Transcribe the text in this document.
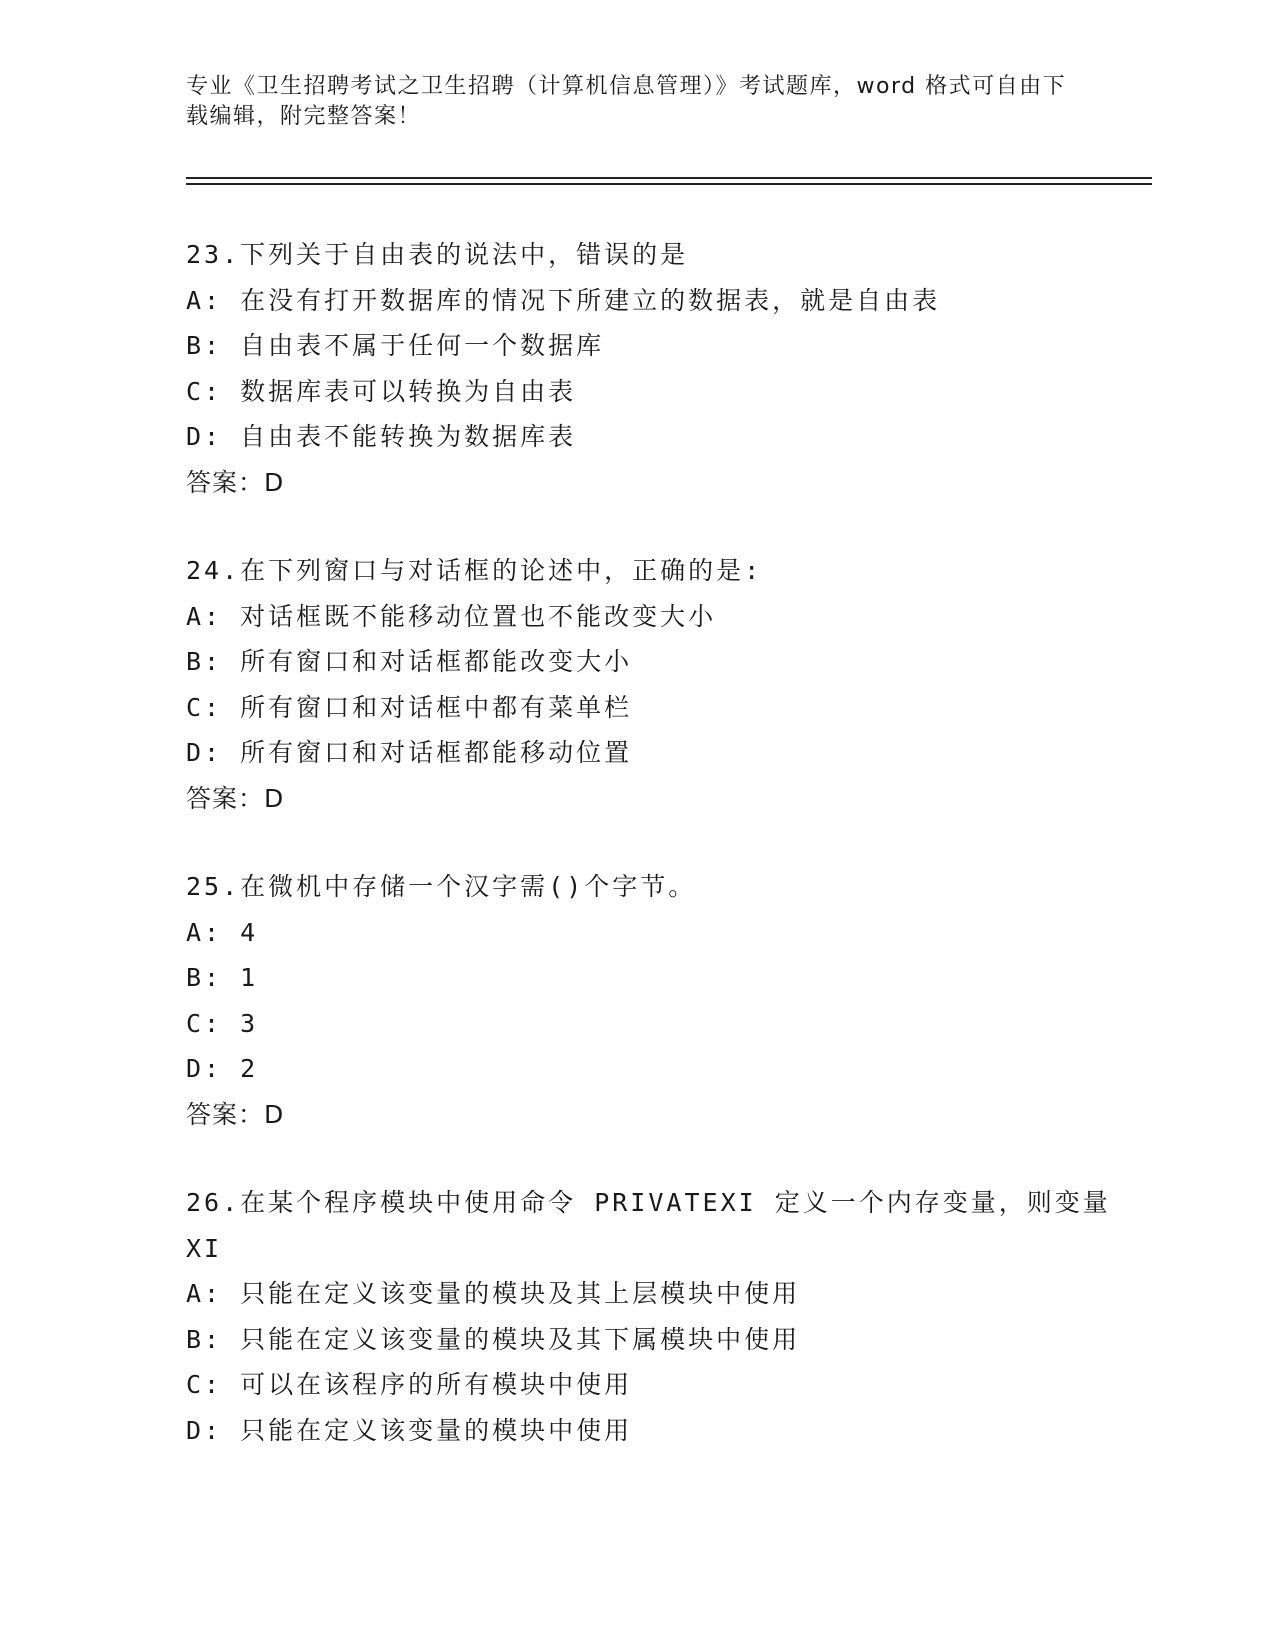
专业《卫生招聘考试之卫生招聘（计算机信息管理）》考试题库，word 格式可自由下载编辑，附完整答案！
23.下列关于自由表的说法中，错误的是
A: 在没有打开数据库的情况下所建立的数据表，就是自由表
B: 自由表不属于任何一个数据库
C: 数据库表可以转换为自由表
D: 自由表不能转换为数据库表
答案：D
24.在下列窗口与对话框的论述中，正确的是:
A: 对话框既不能移动位置也不能改变大小
B: 所有窗口和对话框都能改变大小
C: 所有窗口和对话框中都有菜单栏
D: 所有窗口和对话框都能移动位置
答案：D
25.在微机中存储一个汉字需()个字节。
A: 4
B: 1
C: 3
D: 2
答案：D
26.在某个程序模块中使用命令 PRIVATEXI 定义一个内存变量，则变量 XI
A: 只能在定义该变量的模块及其上层模块中使用
B: 只能在定义该变量的模块及其下属模块中使用
C: 可以在该程序的所有模块中使用
D: 只能在定义该变量的模块中使用
